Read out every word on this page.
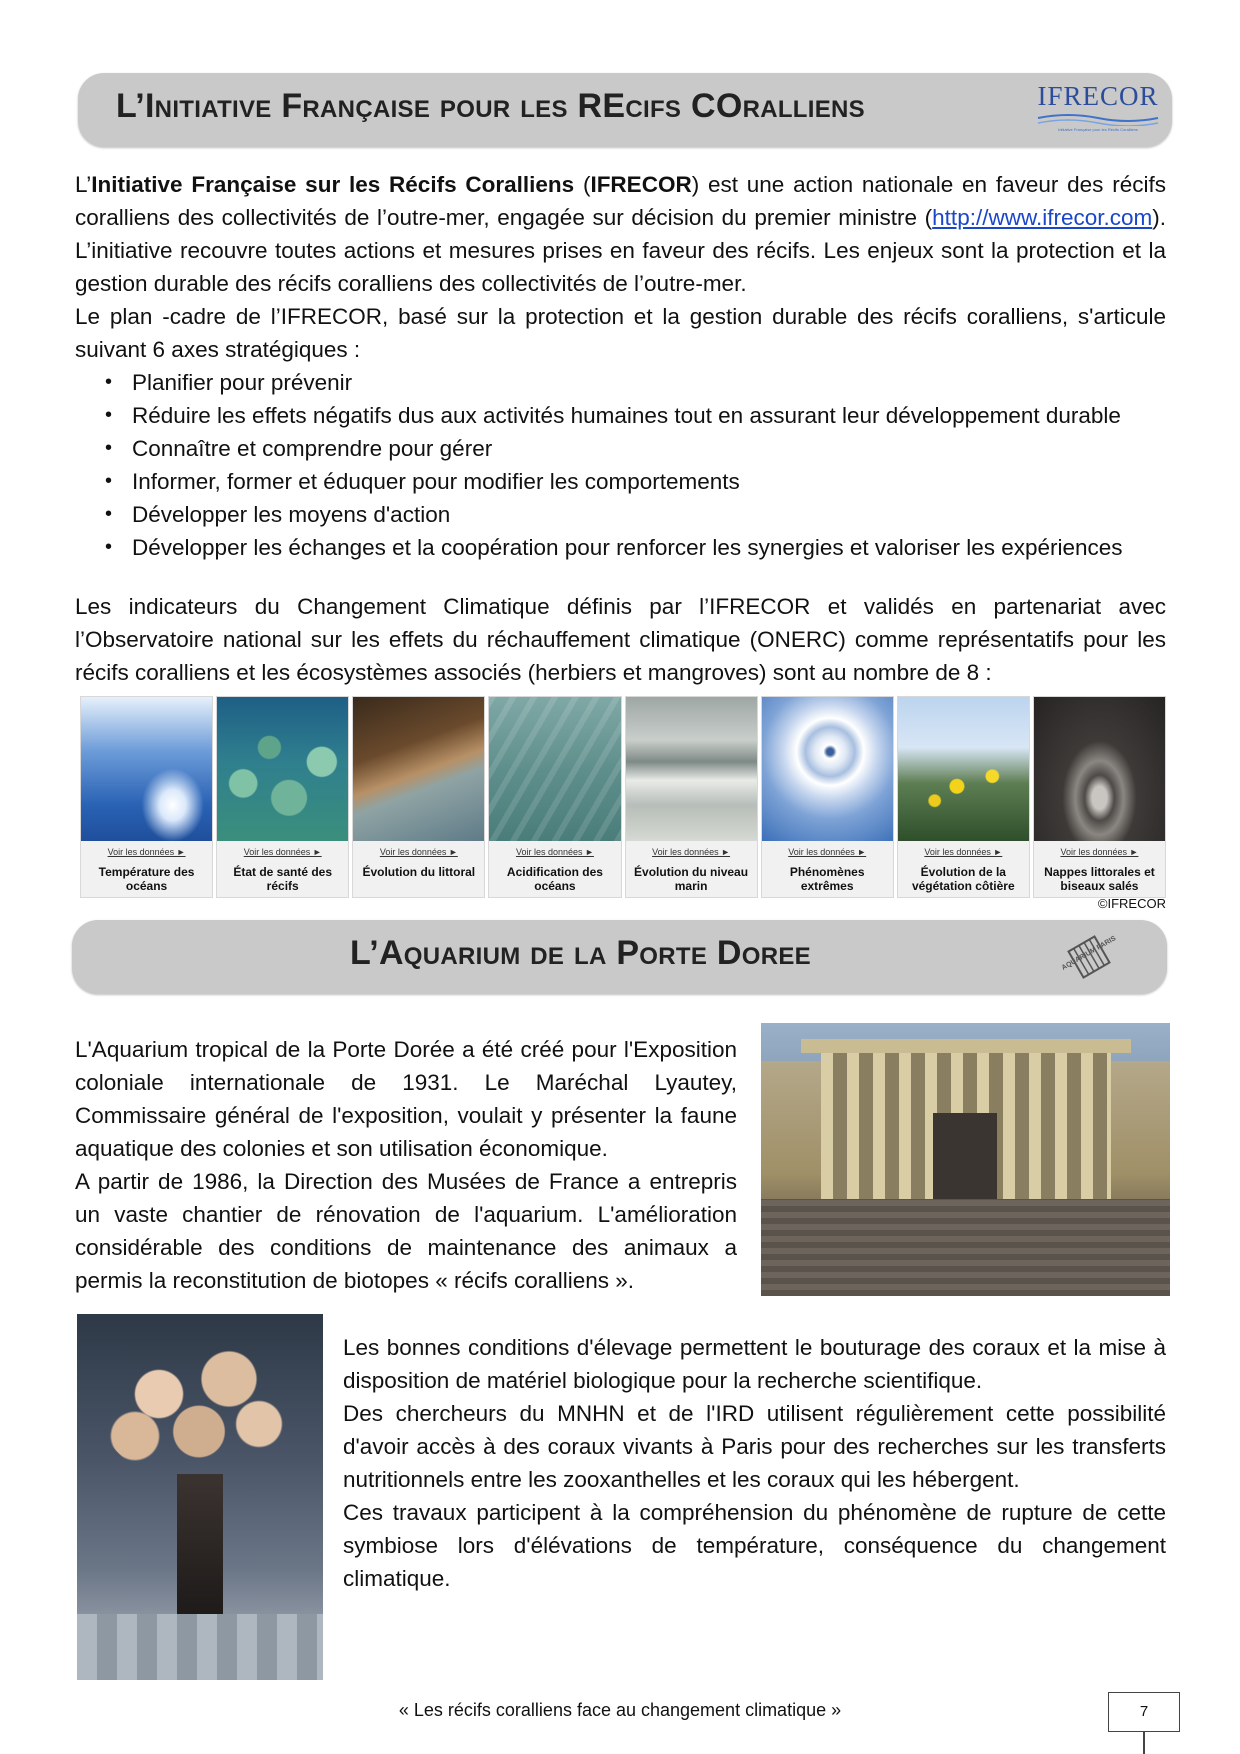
L’Initiative Française pour les REcifs COralliens	IFRECOR
Initiative Française pour les Récifs Coralliens

L’Initiative Française sur les Récifs Coralliens (IFRECOR) est une action nationale en faveur des récifs coralliens des collectivités de l’outre-mer, engagée sur décision du premier ministre (http://www.ifrecor.com). L’initiative recouvre toutes actions et mesures prises en faveur des récifs. Les enjeux sont la protection et la gestion durable des récifs coralliens des collectivités de l’outre-mer.

Le plan -cadre de l’IFRECOR, basé sur la protection et la gestion durable des récifs coralliens, s'articule suivant 6 axes stratégiques :

• Planifier pour prévenir
• Réduire les effets négatifs dus aux activités humaines tout en assurant leur développement durable
• Connaître et comprendre pour gérer
• Informer, former et éduquer pour modifier les comportements
• Développer les moyens d'action
• Développer les échanges et la coopération pour renforcer les synergies et valoriser les expériences
Les indicateurs du Changement Climatique définis par l’IFRECOR et validés en partenariat avec l’Observatoire national sur les effets du réchauffement climatique (ONERC) comme représentatifs pour les récifs coralliens et les écosystèmes associés (herbiers et mangroves) sont au nombre de 8 :
Voir les données ►
Température des océans
Voir les données ►
État de santé des récifs
Voir les données ►
Évolution du littoral
Voir les données ►
Acidification des océans
Voir les données ►
Évolution du niveau marin
Voir les données ►
Phénomènes extrêmes
Voir les données ►
Évolution de la végétation côtière
Voir les données ►
Nappes littorales et biseaux salés
©IFRECOR
L’Aquarium de la Porte Doree	AQUARIUM PARIS

L'Aquarium tropical de la Porte Dorée a été créé pour l'Exposition coloniale internationale de 1931. Le Maréchal Lyautey, Commissaire général de l'exposition, voulait y présenter la faune aquatique des colonies et son utilisation économique.

A partir de 1986, la Direction des Musées de France a entrepris un vaste chantier de rénovation de l'aquarium. L'amélioration considérable des conditions de maintenance des animaux a permis la reconstitution de biotopes « récifs coralliens ».

Les bonnes conditions d'élevage permettent le bouturage des coraux et la mise à disposition de matériel biologique pour la recherche scientifique.

Des chercheurs du MNHN et de l'IRD utilisent régulièrement cette possibilité d'avoir accès à des coraux vivants à Paris pour des recherches sur les transferts nutritionnels entre les zooxanthelles et les coraux qui les hébergent.

Ces travaux participent à la compréhension du phénomène de rupture de cette symbiose lors d'élévations de température, conséquence du changement climatique.

« Les récifs coralliens face au changement climatique »	7
